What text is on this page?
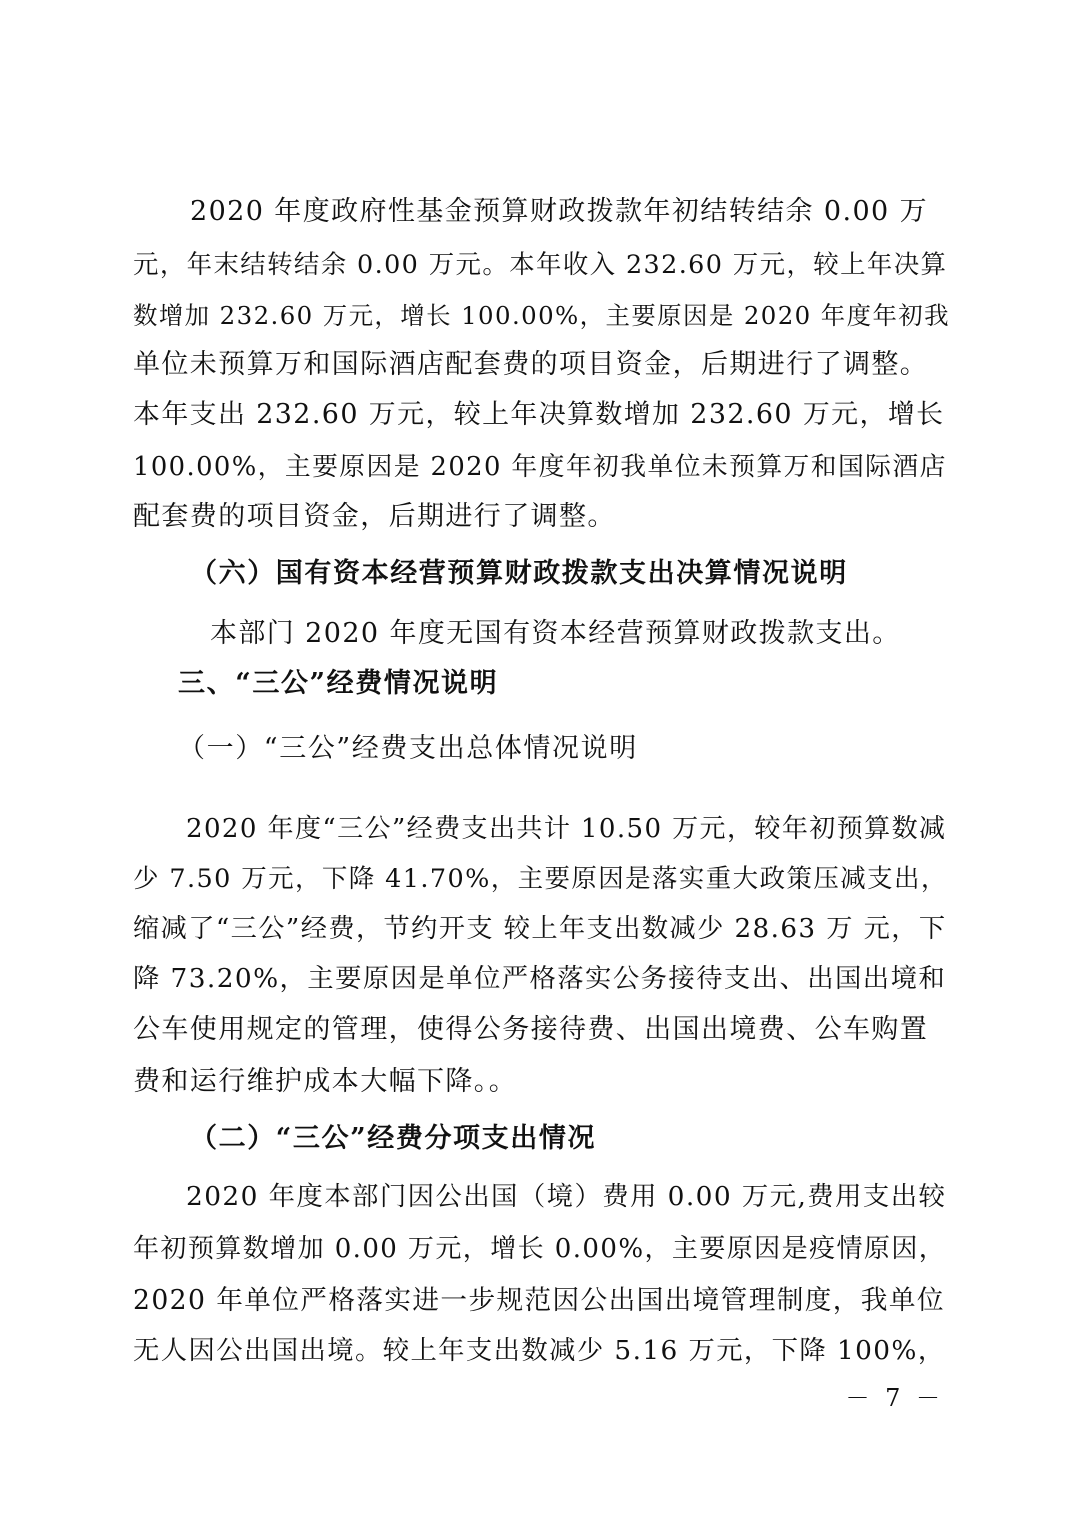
2020 年度政府性基金预算财政拨款年初结转结余 0.00 万
元，年末结转结余 0.00 万元。本年收入 232.60 万元，较上年决算
数增加 232.60 万元，增长 100.00%，主要原因是 2020 年度年初我
单位未预算万和国际酒店配套费的项目资金，后期进行了调整。
本年支出 232.60 万元，较上年决算数增加 232.60 万元，增长
100.00%，主要原因是 2020 年度年初我单位未预算万和国际酒店
配套费的项目资金，后期进行了调整。
（六）国有资本经营预算财政拨款支出决算情况说明
本部门 2020 年度无国有资本经营预算财政拨款支出。
三、“三公”经费情况说明
（一）“三公”经费支出总体情况说明
2020 年度“三公”经费支出共计 10.50 万元，较年初预算数减
少 7.50 万元，下降 41.70%，主要原因是落实重大政策压减支出，
缩减了“三公”经费，节约开支 较上年支出数减少 28.63 万 元，下
降 73.20%，主要原因是单位严格落实公务接待支出、出国出境和
公车使用规定的管理，使得公务接待费、出国出境费、公车购置
费和运行维护成本大幅下降。。
（二）“三公”经费分项支出情况
2020 年度本部门因公出国（境）费用 0.00 万元,费用支出较
年初预算数增加 0.00 万元，增长 0.00%，主要原因是疫情原因，
2020 年单位严格落实进一步规范因公出国出境管理制度，我单位
无人因公出国出境。较上年支出数减少 5.16 万元，下降 100%，
－ 7 －
